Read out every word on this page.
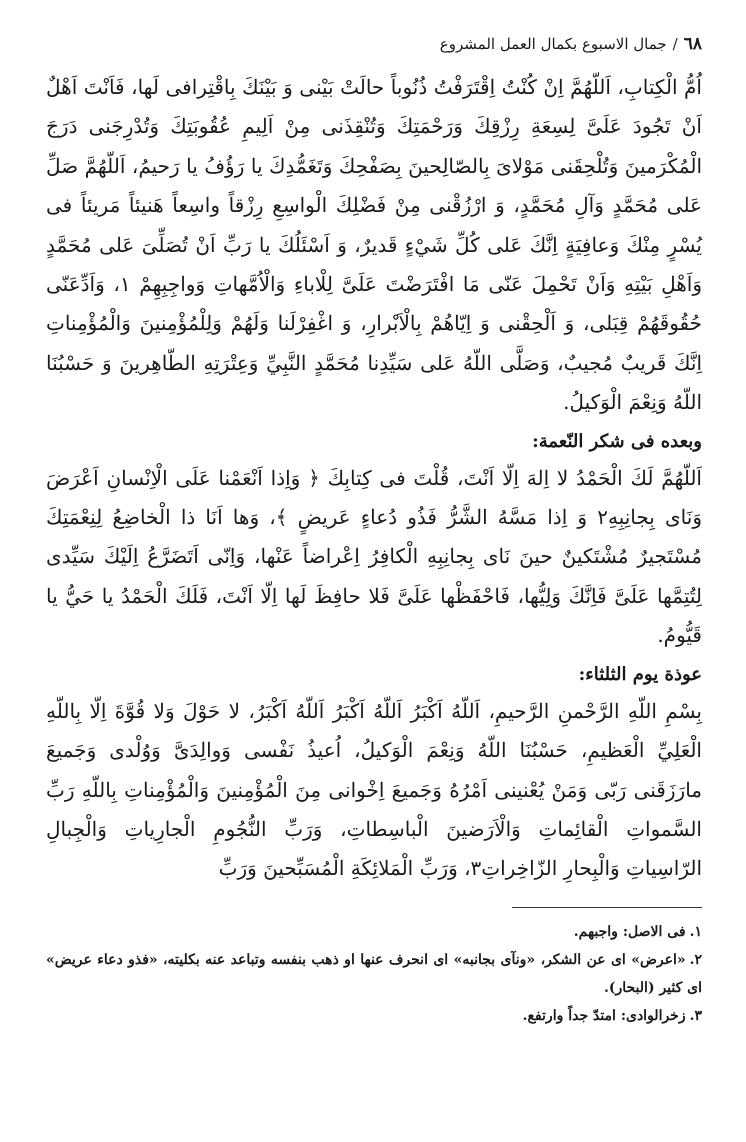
٦٨
/
جمال الاسبوع بكمال العمل المشروع

اُمُّ الْكِتابِ، اَللّهُمَّ اِنْ كُنْتُ اِقْتَرَفْتُ ذُنُوباً حالَتْ بَيْنى وَ بَيْنَكَ بِاقْتِرافى لَها، فَاَنْتَ اَهْلٌ اَنْ تَجُودَ عَلَىَّ لِسِعَةِ رِزْقِكَ وَرَحْمَتِكَ وَتُنْقِذَنى مِنْ اَلِيمِ عُقُوبَتِكَ وَتُدْرِجَنى دَرَجَ الْمُكْرَمينَ وَتُلْحِقَنى مَوْلاىَ بِالصّالِحينَ بِصَفْحِكَ وَتَغَمُّدِكَ يا رَؤُفُ يا رَحيمُ، اَللّهُمَّ صَلِّ عَلى مُحَمَّدٍ وَآلِ مُحَمَّدٍ، وَ ارْزُقْنى مِنْ فَضْلِكَ الْواسِعِ رِزْقاً واسِعاً هَنيئاً مَريئاً فى يُسْرٍ مِنْكَ وَعافِيَةٍ اِنَّكَ عَلى كُلِّ شَيْءٍ قَديرٌ، وَ اَسْئَلُكَ يا رَبِّ اَنْ تُصَلِّىَ عَلى مُحَمَّدٍ وَاَهْلِ بَيْتِهِ وَاَنْ تَحْمِلَ عَنّى مَا افْتَرَضْتَ عَلَىَّ لِلْاباءِ وَالْاُمَّهاتِ وَواجِبِهِمْ ١، وَاَدِّعَنّى حُقُوقَهُمْ قِبَلى، وَ اَلْحِقْنى وَ اِيّاهُمْ بِالْاَبْرارِ، وَ اغْفِرْلَنا وَلَهُمْ وَلِلْمُؤْمِنينَ وَالْمُؤْمِناتِ اِنَّكَ قَريبٌ مُجيبٌ، وَصَلَّى اللّهُ عَلى سَيِّدِنا مُحَمَّدٍ النَّبِيِّ وَعِتْرَتِهِ الطّاهِرينَ وَ حَسْبُنَا اللّهُ وَنِعْمَ الْوَكيلُ.

وبعده فى شكر النّعمة:

اَللّهُمَّ لَكَ الْحَمْدُ لا اِلهَ اِلّا اَنْتَ، قُلْتَ فى كِتابِكَ ﴿ وَاِذا اَنْعَمْنا عَلَى الْاِنْسانِ اَعْرَضَ وَنَاى بِجانِبِهِ٢ وَ اِذا مَسَّهُ الشَّرُّ فَذُو دُعاءٍ عَريضٍ ﴾، وَها اَنَا ذا الْخاضِعُ لِنِعْمَتِكَ مُسْتَجيرٌ مُشْتَكينٌ حينَ نَاى بِجانِبِهِ الْكافِرُ اِعْراضاً عَنْها، وَاِنّى اَتَضَرَّعُ اِلَيْكَ سَيِّدى لِتُتِمَّها عَلَىَّ فَاِنَّكَ وَلِيُّها، فَاحْفَظْها عَلَىَّ فَلا حافِظَ لَها اِلّا اَنْتَ، فَلَكَ الْحَمْدُ يا حَيُّ يا قَيُّومُ.

عوذة يوم الثلثاء:

بِسْمِ اللّهِ الرَّحْمنِ الرَّحيمِ، اَللّهُ اَكْبَرُ اَللّهُ اَكْبَرُ اَللّهُ اَكْبَرُ، لا حَوْلَ وَلا قُوَّةَ اِلّا بِاللّهِ الْعَلِيِّ الْعَظيمِ، حَسْبُنَا اللّهُ وَنِعْمَ الْوَكيلُ، اُعيذُ نَفْسى وَوالِدَىَّ وَوُلْدى وَجَميعَ مارَزَقَنى رَبّى وَمَنْ يُعْنينى اَمْرُهُ وَجَميعَ اِخْوانى مِنَ الْمُؤْمِنينَ وَالْمُؤْمِناتِ بِاللّهِ رَبِّ السَّمواتِ الْقائِماتِ وَالْاَرَضينَ الْباسِطاتِ، وَرَبِّ النُّجُومِ الْجارِياتِ وَالْجِبالِ الرّاسِياتِ وَالْبِحارِ الزّاخِراتِ٣، وَرَبِّ الْمَلائِكَةِ الْمُسَبِّحينَ وَرَبِّ

١.فى الاصل: واجبهم.

٢.«اعرض» اى عن الشكر، «ونآى بجانبه» اى انحرف عنها او ذهب بنفسه وتباعد عنه بكليته، «فذو دعاء عريض» اى كثير (البحار).

٣.زخرالوادى: امتدّ جداً وارتفع.
